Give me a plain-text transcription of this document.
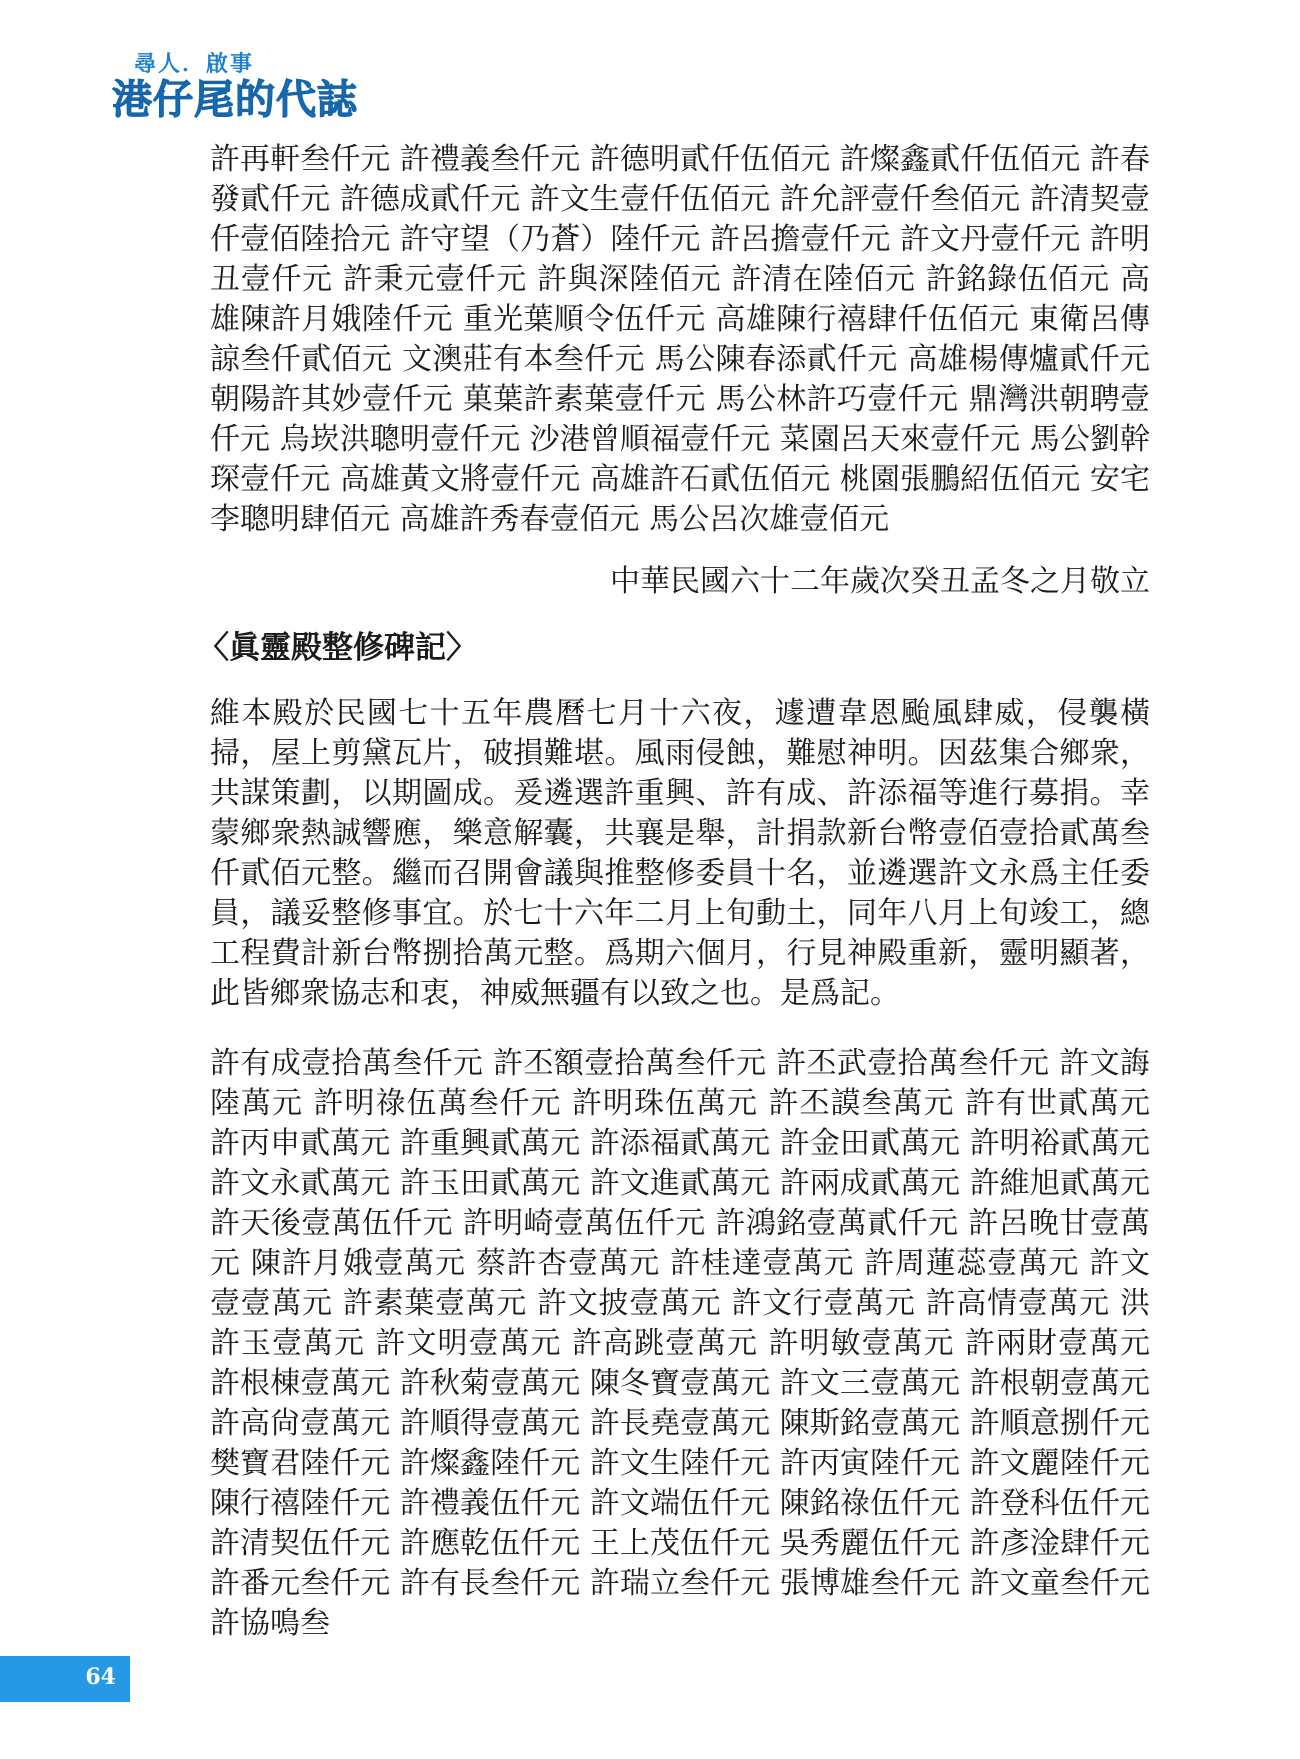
尋人．啟事
港仔尾的代誌

許再軒叁仟元 許禮義叁仟元 許德明貳仟伍佰元 許燦鑫貳仟伍佰元 許春發貳仟元 許德成貳仟元 許文生壹仟伍佰元 許允評壹仟叁佰元 許清契壹仟壹佰陸拾元 許守望（乃蒼）陸仟元 許呂擔壹仟元 許文丹壹仟元 許明丑壹仟元 許秉元壹仟元 許與深陸佰元 許清在陸佰元 許銘錄伍佰元 高雄陳許月娥陸仟元 重光葉順令伍仟元 高雄陳行禧肆仟伍佰元 東衛呂傳諒叁仟貳佰元 文澳莊有本叁仟元 馬公陳春添貳仟元 高雄楊傳爐貳仟元 朝陽許其妙壹仟元 菓葉許素葉壹仟元 馬公林許巧壹仟元 鼎灣洪朝聘壹仟元 烏崁洪聰明壹仟元 沙港曾順福壹仟元 菜園呂天來壹仟元 馬公劉幹琛壹仟元 高雄黃文將壹仟元 高雄許石貳伍佰元 桃園張鵬紹伍佰元 安宅李聰明肆佰元 高雄許秀春壹佰元 馬公呂次雄壹佰元

中華民國六十二年歲次癸丑孟冬之月敬立
〈眞靈殿整修碑記〉

維本殿於民國七十五年農曆七月十六夜，遽遭韋恩颱風肆威，侵襲橫掃，屋上剪黛瓦片，破損難堪。風雨侵蝕，難慰神明。因茲集合鄉衆，共謀策劃，以期圖成。爰遴選許重興、許有成、許添福等進行募捐。幸蒙鄉衆熱誠響應，樂意解囊，共襄是舉，計捐款新台幣壹佰壹拾貳萬叁仟貳佰元整。繼而召開會議與推整修委員十名，並遴選許文永爲主任委員，議妥整修事宜。於七十六年二月上旬動土，同年八月上旬竣工，總工程費計新台幣捌拾萬元整。爲期六個月，行見神殿重新，靈明顯著，此皆鄉衆協志和衷，神威無疆有以致之也。是爲記。

許有成壹拾萬叁仟元 許丕額壹拾萬叁仟元 許丕武壹拾萬叁仟元 許文誨陸萬元 許明祿伍萬叁仟元 許明珠伍萬元 許丕謨叁萬元 許有世貳萬元 許丙申貳萬元 許重興貳萬元 許添福貳萬元 許金田貳萬元 許明裕貳萬元 許文永貳萬元 許玉田貳萬元 許文進貳萬元 許兩成貳萬元 許維旭貳萬元 許天後壹萬伍仟元 許明崎壹萬伍仟元 許鴻銘壹萬貳仟元 許呂晚甘壹萬元 陳許月娥壹萬元 蔡許杏壹萬元 許桂達壹萬元 許周蓮蕊壹萬元 許文壹壹萬元 許素葉壹萬元 許文披壹萬元 許文行壹萬元 許高情壹萬元 洪許玉壹萬元 許文明壹萬元 許高跳壹萬元 許明敏壹萬元 許兩財壹萬元 許根棟壹萬元 許秋菊壹萬元 陳冬寶壹萬元 許文三壹萬元 許根朝壹萬元 許高尙壹萬元 許順得壹萬元 許長堯壹萬元 陳斯銘壹萬元 許順意捌仟元 樊寶君陸仟元 許燦鑫陸仟元 許文生陸仟元 許丙寅陸仟元 許文麗陸仟元 陳行禧陸仟元 許禮義伍仟元 許文端伍仟元 陳銘祿伍仟元 許登科伍仟元 許清契伍仟元 許應乾伍仟元 王上茂伍仟元 吳秀麗伍仟元 許彥淦肆仟元 許番元叁仟元 許有長叁仟元 許瑞立叁仟元 張博雄叁仟元 許文童叁仟元 許協鳴叁

64
